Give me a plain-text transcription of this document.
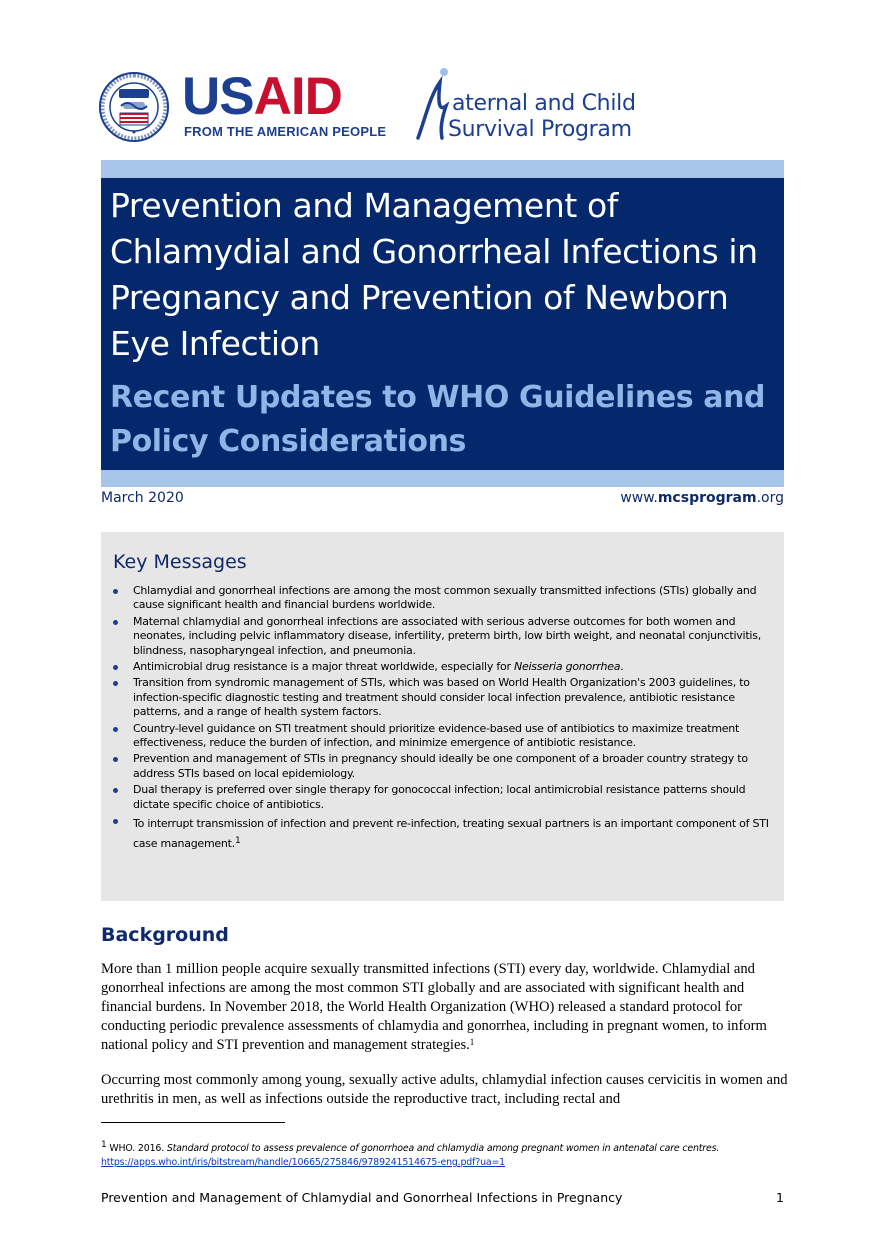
USAID
FROM THE AMERICAN PEOPLE
aternal and Child
Survival Program
Prevention and Management of Chlamydial and Gonorrheal Infections in Pregnancy and Prevention of Newborn Eye Infection
Recent Updates to WHO Guidelines and Policy Considerations
March 2020	www.mcsprogram.org
Key Messages
Chlamydial and gonorrheal infections are among the most common sexually transmitted infections (STIs) globally and cause significant health and financial burdens worldwide.
Maternal chlamydial and gonorrheal infections are associated with serious adverse outcomes for both women and neonates, including pelvic inflammatory disease, infertility, preterm birth, low birth weight, and neonatal conjunctivitis, blindness, nasopharyngeal infection, and pneumonia.
Antimicrobial drug resistance is a major threat worldwide, especially for Neisseria gonorrhea.
Transition from syndromic management of STIs, which was based on World Health Organization's 2003 guidelines, to infection-specific diagnostic testing and treatment should consider local infection prevalence, antibiotic resistance patterns, and a range of health system factors.
Country-level guidance on STI treatment should prioritize evidence-based use of antibiotics to maximize treatment effectiveness, reduce the burden of infection, and minimize emergence of antibiotic resistance.
Prevention and management of STIs in pregnancy should ideally be one component of a broader country strategy to address STIs based on local epidemiology.
Dual therapy is preferred over single therapy for gonococcal infection; local antimicrobial resistance patterns should dictate specific choice of antibiotics.
To interrupt transmission of infection and prevent re-infection, treating sexual partners is an important component of STI case management.$^1$
Background

More than 1 million people acquire sexually transmitted infections (STI) every day, worldwide. Chlamydial and gonorrheal infections are among the most common STI globally and are associated with significant health and financial burdens. In November 2018, the World Health Organization (WHO) released a standard protocol for conducting periodic prevalence assessments of chlamydia and gonorrhea, including in pregnant women, to inform national policy and STI prevention and management strategies.$^1$

Occurring most commonly among young, sexually active adults, chlamydial infection causes cervicitis in women and urethritis in men, as well as infections outside the reproductive tract, including rectal and

$^1$ WHO. 2016. Standard protocol to assess prevalence of gonorrhoea and chlamydia among pregnant women in antenatal care centres.
https://apps.who.int/iris/bitstream/handle/10665/275846/9789241514675-eng.pdf?ua=1
Prevention and Management of Chlamydial and Gonorrheal Infections in Pregnancy	1
